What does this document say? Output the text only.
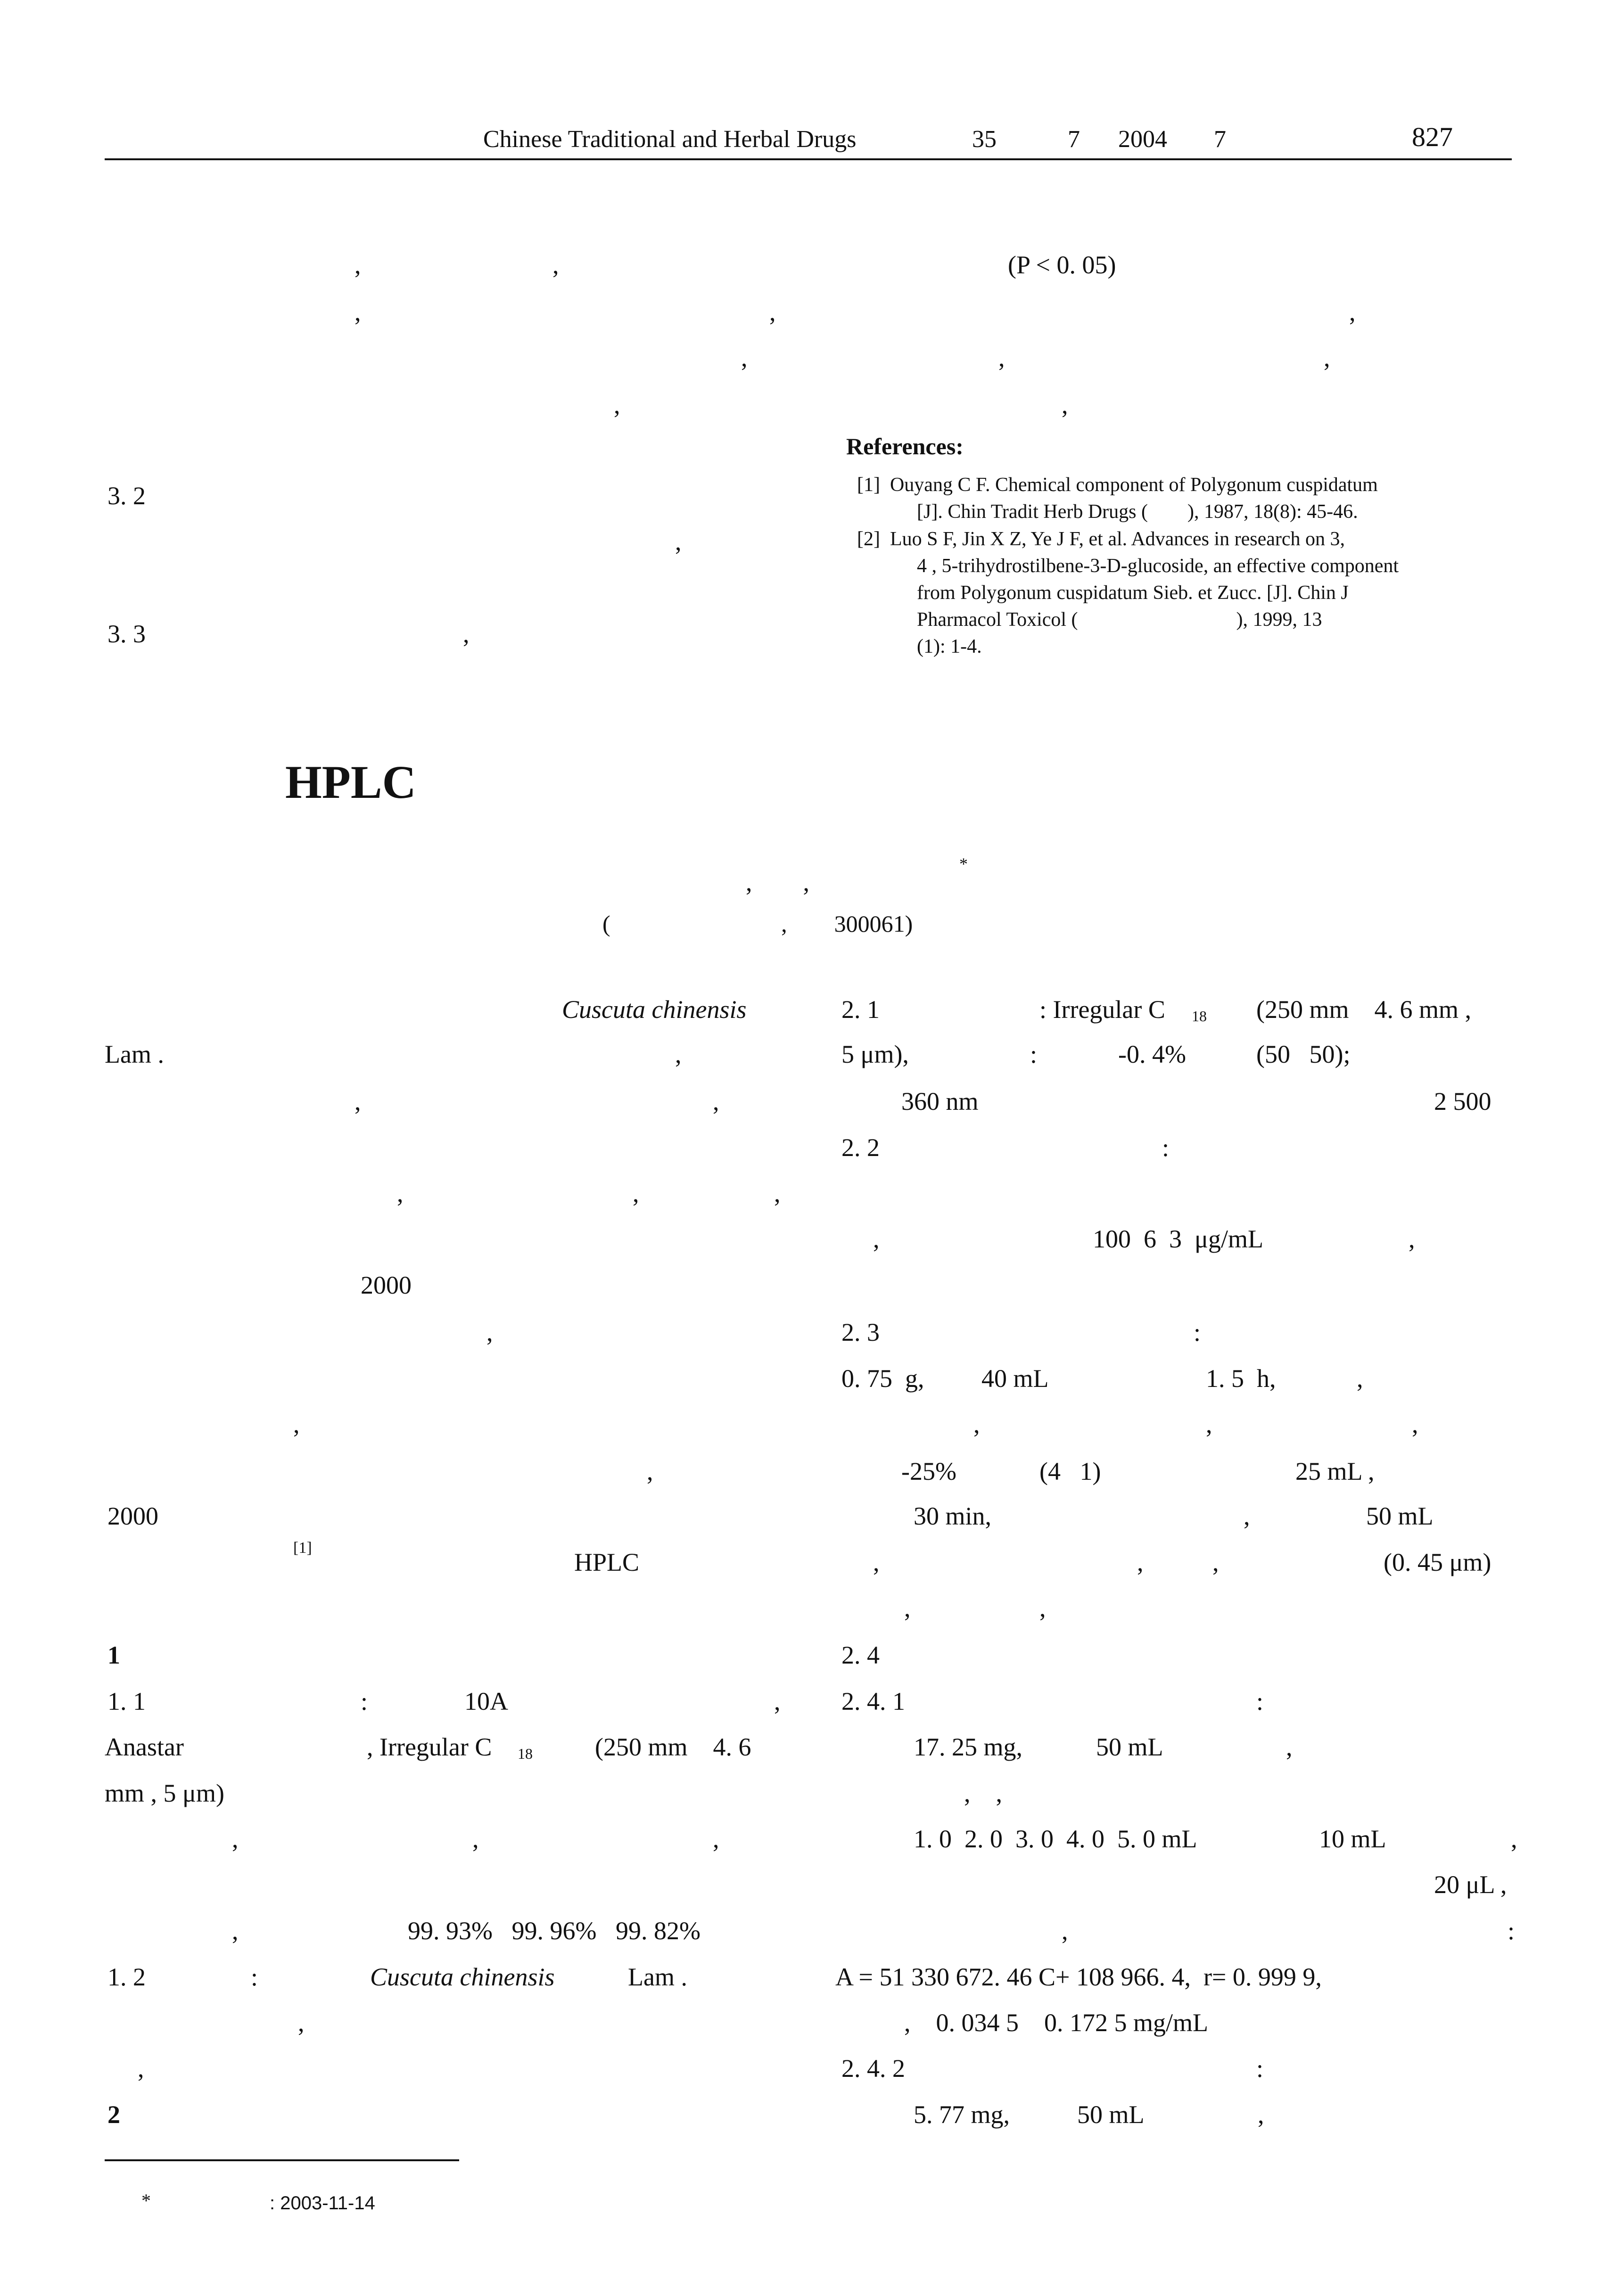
Chinese Traditional and Herbal Drugs	35	7 2004 7	827
,	,
,	,
,	,	,
,
3. 2
,
3. 3	,
(P < 0. 05)
,
,
References:
[1]  Ouyang C F. Chemical component of Polygonum cuspidatum
[J]. Chin Tradit Herb Drugs (        ), 1987, 18(8): 45-46.
[2]  Luo S F, Jin X Z, Ye J F, et al. Advances in research on 3,
4 , 5-trihydrostilbene-3-D-glucoside, an effective component
from Polygonum cuspidatum Sieb. et Zucc. [J]. Chin J
Pharmacol Toxicol (                                ), 1999, 13
(1): 1-4.
HPLC
*
,        ,
(                             ,        300061)
Cuscuta chinensis
Lam .	,
,	,
,	,	,
2000
,
,
,
2000
[1]
HPLC
1
1. 1	:	10A	,
Anastar	, Irregular C 18 (250 mm    4. 6
mm , 5 μm)
,	,	,
,	99. 93%   99. 96%   99. 82%
1. 2	:	Cuscuta chinensis	Lam .
,
,
2
*	: 2003-11-14
2. 1	: Irregular C 18 (250 mm    4. 6 mm ,
5 μm),	:	-0. 4%	(50   50);
360 nm	2 500
2. 2	:
,	100  6  3  μg/mL	,
2. 3	:
0. 75  g, 40 mL	1. 5  h,	,
,	,	,
-25%	(4   1)	25 mL ,
30 min,	,	50 mL
,	,	,	(0. 45 μm)
,	,
2. 4
2. 4. 1	:
17. 25 mg,	50 mL	,
,    ,
1. 0  2. 0  3. 0  4. 0  5. 0 mL	10 mL	,
20 μL ,
,	:
A = 51 330 672. 46 C+ 108 966. 4,  r= 0. 999 9,
,    0. 034 5    0. 172 5 mg/mL
2. 4. 2	:
5. 77 mg,	50 mL	,
